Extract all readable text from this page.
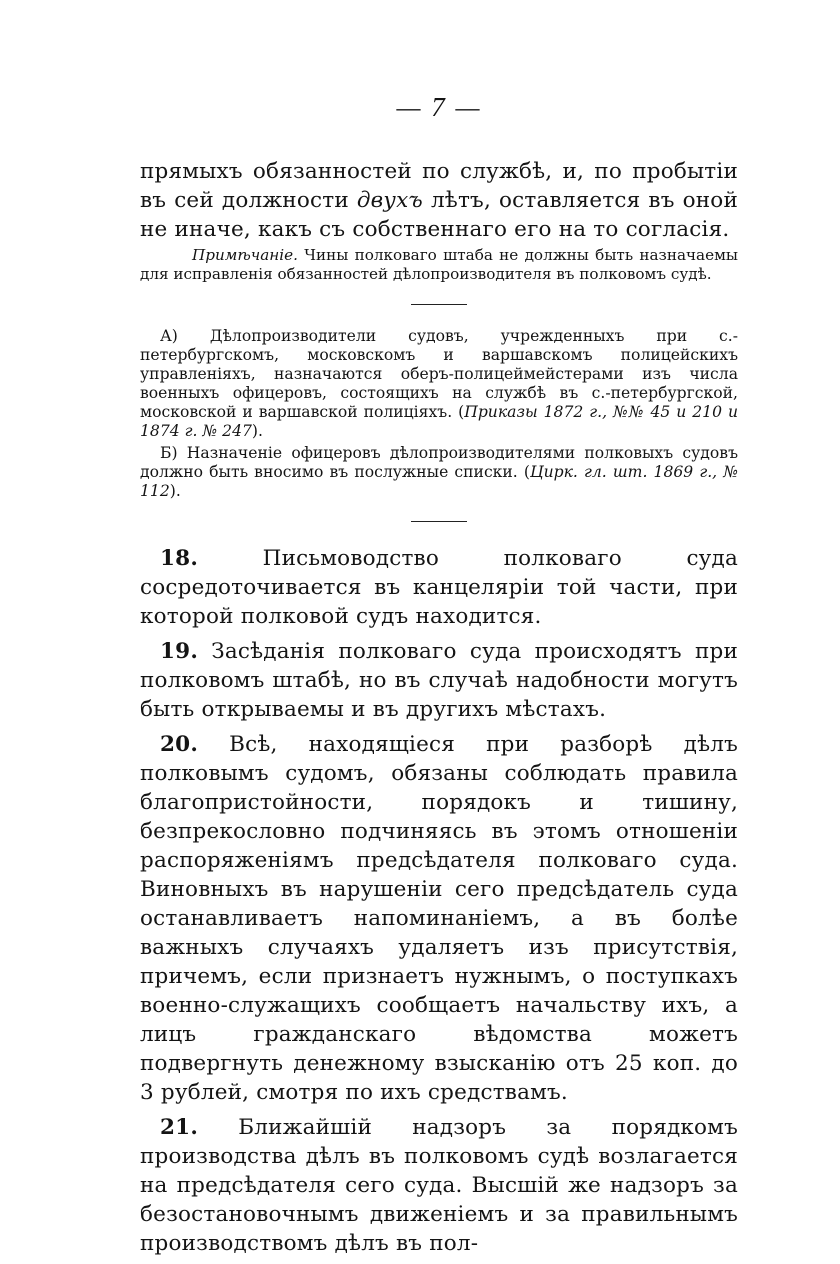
— 7 —

прямыхъ обязанностей по службѣ, и, по пробытіи въ сей должности двухъ лѣтъ, оставляется въ оной не иначе, какъ съ собственнаго его на то согласія.

Примѣчаніе. Чины полковаго штаба не должны быть назначаемы для исправленія обязанностей дѣлопроизводителя въ полковомъ судѣ.

А) Дѣлопроизводители судовъ, учрежденныхъ при с.-петербургскомъ, московскомъ и варшавскомъ полицейскихъ управленіяхъ, назначаются оберъ-полицеймейстерами изъ числа военныхъ офицеровъ, состоящихъ на службѣ въ с.-петербургской, московской и варшавской полиціяхъ. (Приказы 1872 г., №№ 45 и 210 и 1874 г. № 247).

Б) Назначеніе офицеровъ дѣлопроизводителями полковыхъ судовъ должно быть вносимо въ послужные списки. (Цирк. гл. шт. 1869 г., № 112).

18. Письмоводство полковаго суда сосредоточивается въ канцеляріи той части, при которой полковой судъ находится.

19. Засѣданія полковаго суда происходятъ при полковомъ штабѣ, но въ случаѣ надобности могутъ быть открываемы и въ другихъ мѣстахъ.

20. Всѣ, находящіеся при разборѣ дѣлъ полковымъ судомъ, обязаны соблюдать правила благопристойности, порядокъ и тишину, безпрекословно подчиняясь въ этомъ отношеніи распоряженіямъ предсѣдателя полковаго суда. Виновныхъ въ нарушеніи сего предсѣдатель суда останавливаетъ напоминаніемъ, а въ болѣе важныхъ случаяхъ удаляетъ изъ присутствія, причемъ, если признаетъ нужнымъ, о поступкахъ военно-служащихъ сообщаетъ начальству ихъ, а лицъ гражданскаго вѣдомства можетъ подвергнуть денежному взысканію отъ 25 коп. до 3 рублей, смотря по ихъ средствамъ.

21. Ближайшій надзоръ за порядкомъ производства дѣлъ въ полковомъ судѣ возлагается на предсѣдателя сего суда. Высшій же надзоръ за безостановочнымъ движеніемъ и за правильнымъ производствомъ дѣлъ въ пол-
